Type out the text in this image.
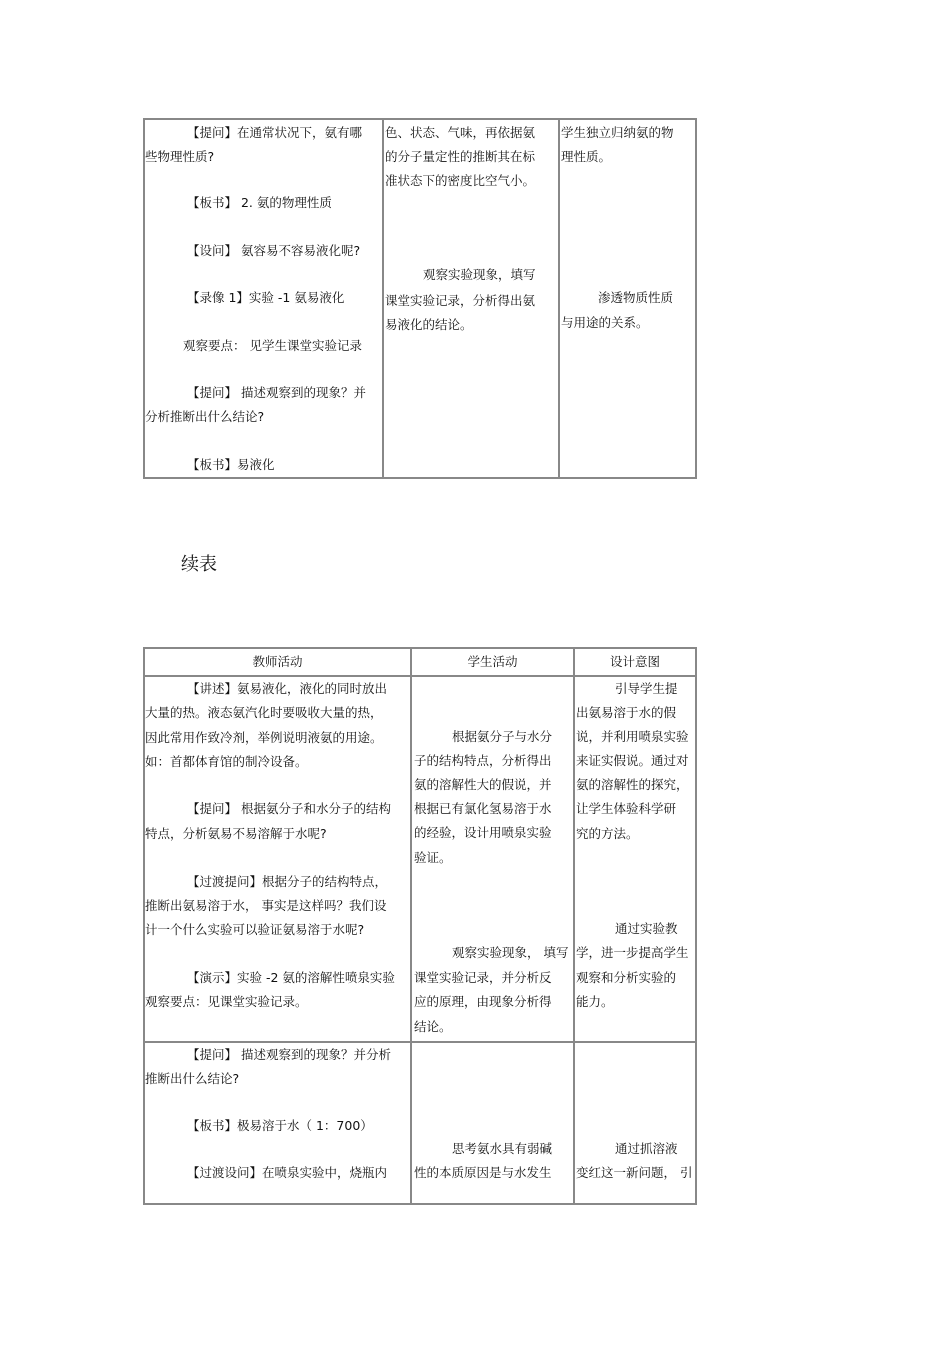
【提问】在通常状况下，氨有哪
些物理性质?
【板书】 2. 氨的物理性质
【设问】 氨容易不容易液化呢?
【录像 1】实验 -1 氨易液化
观察要点： 见学生课堂实验记录
【提问】 描述观察到的现象？并
分析推断出什么结论?
【板书】易液化
色、状态、气味，再依据氨
的分子量定性的推断其在标
准状态下的密度比空气小。
观察实验现象，填写
课堂实验记录，分析得出氨
易液化的结论。
学生独立归纳氨的物
理性质。
渗透物质性质
与用途的关系。
续表
教师活动	学生活动	设计意图
【讲述】氨易液化，液化的同时放出
大量的热。液态氨汽化时要吸收大量的热，
因此常用作致冷剂，举例说明液氨的用途。
如：首都体育馆的制冷设备。
【提问】 根据氨分子和水分子的结构
特点，分析氨易不易溶解于水呢?
【过渡提问】根据分子的结构特点，
推断出氨易溶于水， 事实是这样吗？我们设
计一个什么实验可以验证氨易溶于水呢?
【演示】实验 -2 氨的溶解性喷泉实验
观察要点：见课堂实验记录。
根据氨分子与水分
子的结构特点，分析得出
氨的溶解性大的假说，并
根据已有氯化氢易溶于水
的经验，设计用喷泉实验
验证。
观察实验现象， 填写
课堂实验记录，并分析反
应的原理，由现象分析得
结论。
引导学生提
出氨易溶于水的假
说，并利用喷泉实验
来证实假说。通过对
氨的溶解性的探究，
让学生体验科学研
究的方法。
通过实验教
学，进一步提高学生
观察和分析实验的
能力。
【提问】 描述观察到的现象？并分析
推断出什么结论?
【板书】极易溶于水（ 1：700）
【过渡设问】在喷泉实验中，烧瓶内
思考氨水具有弱碱
性的本质原因是与水发生
通过抓溶液
变红这一新问题， 引
